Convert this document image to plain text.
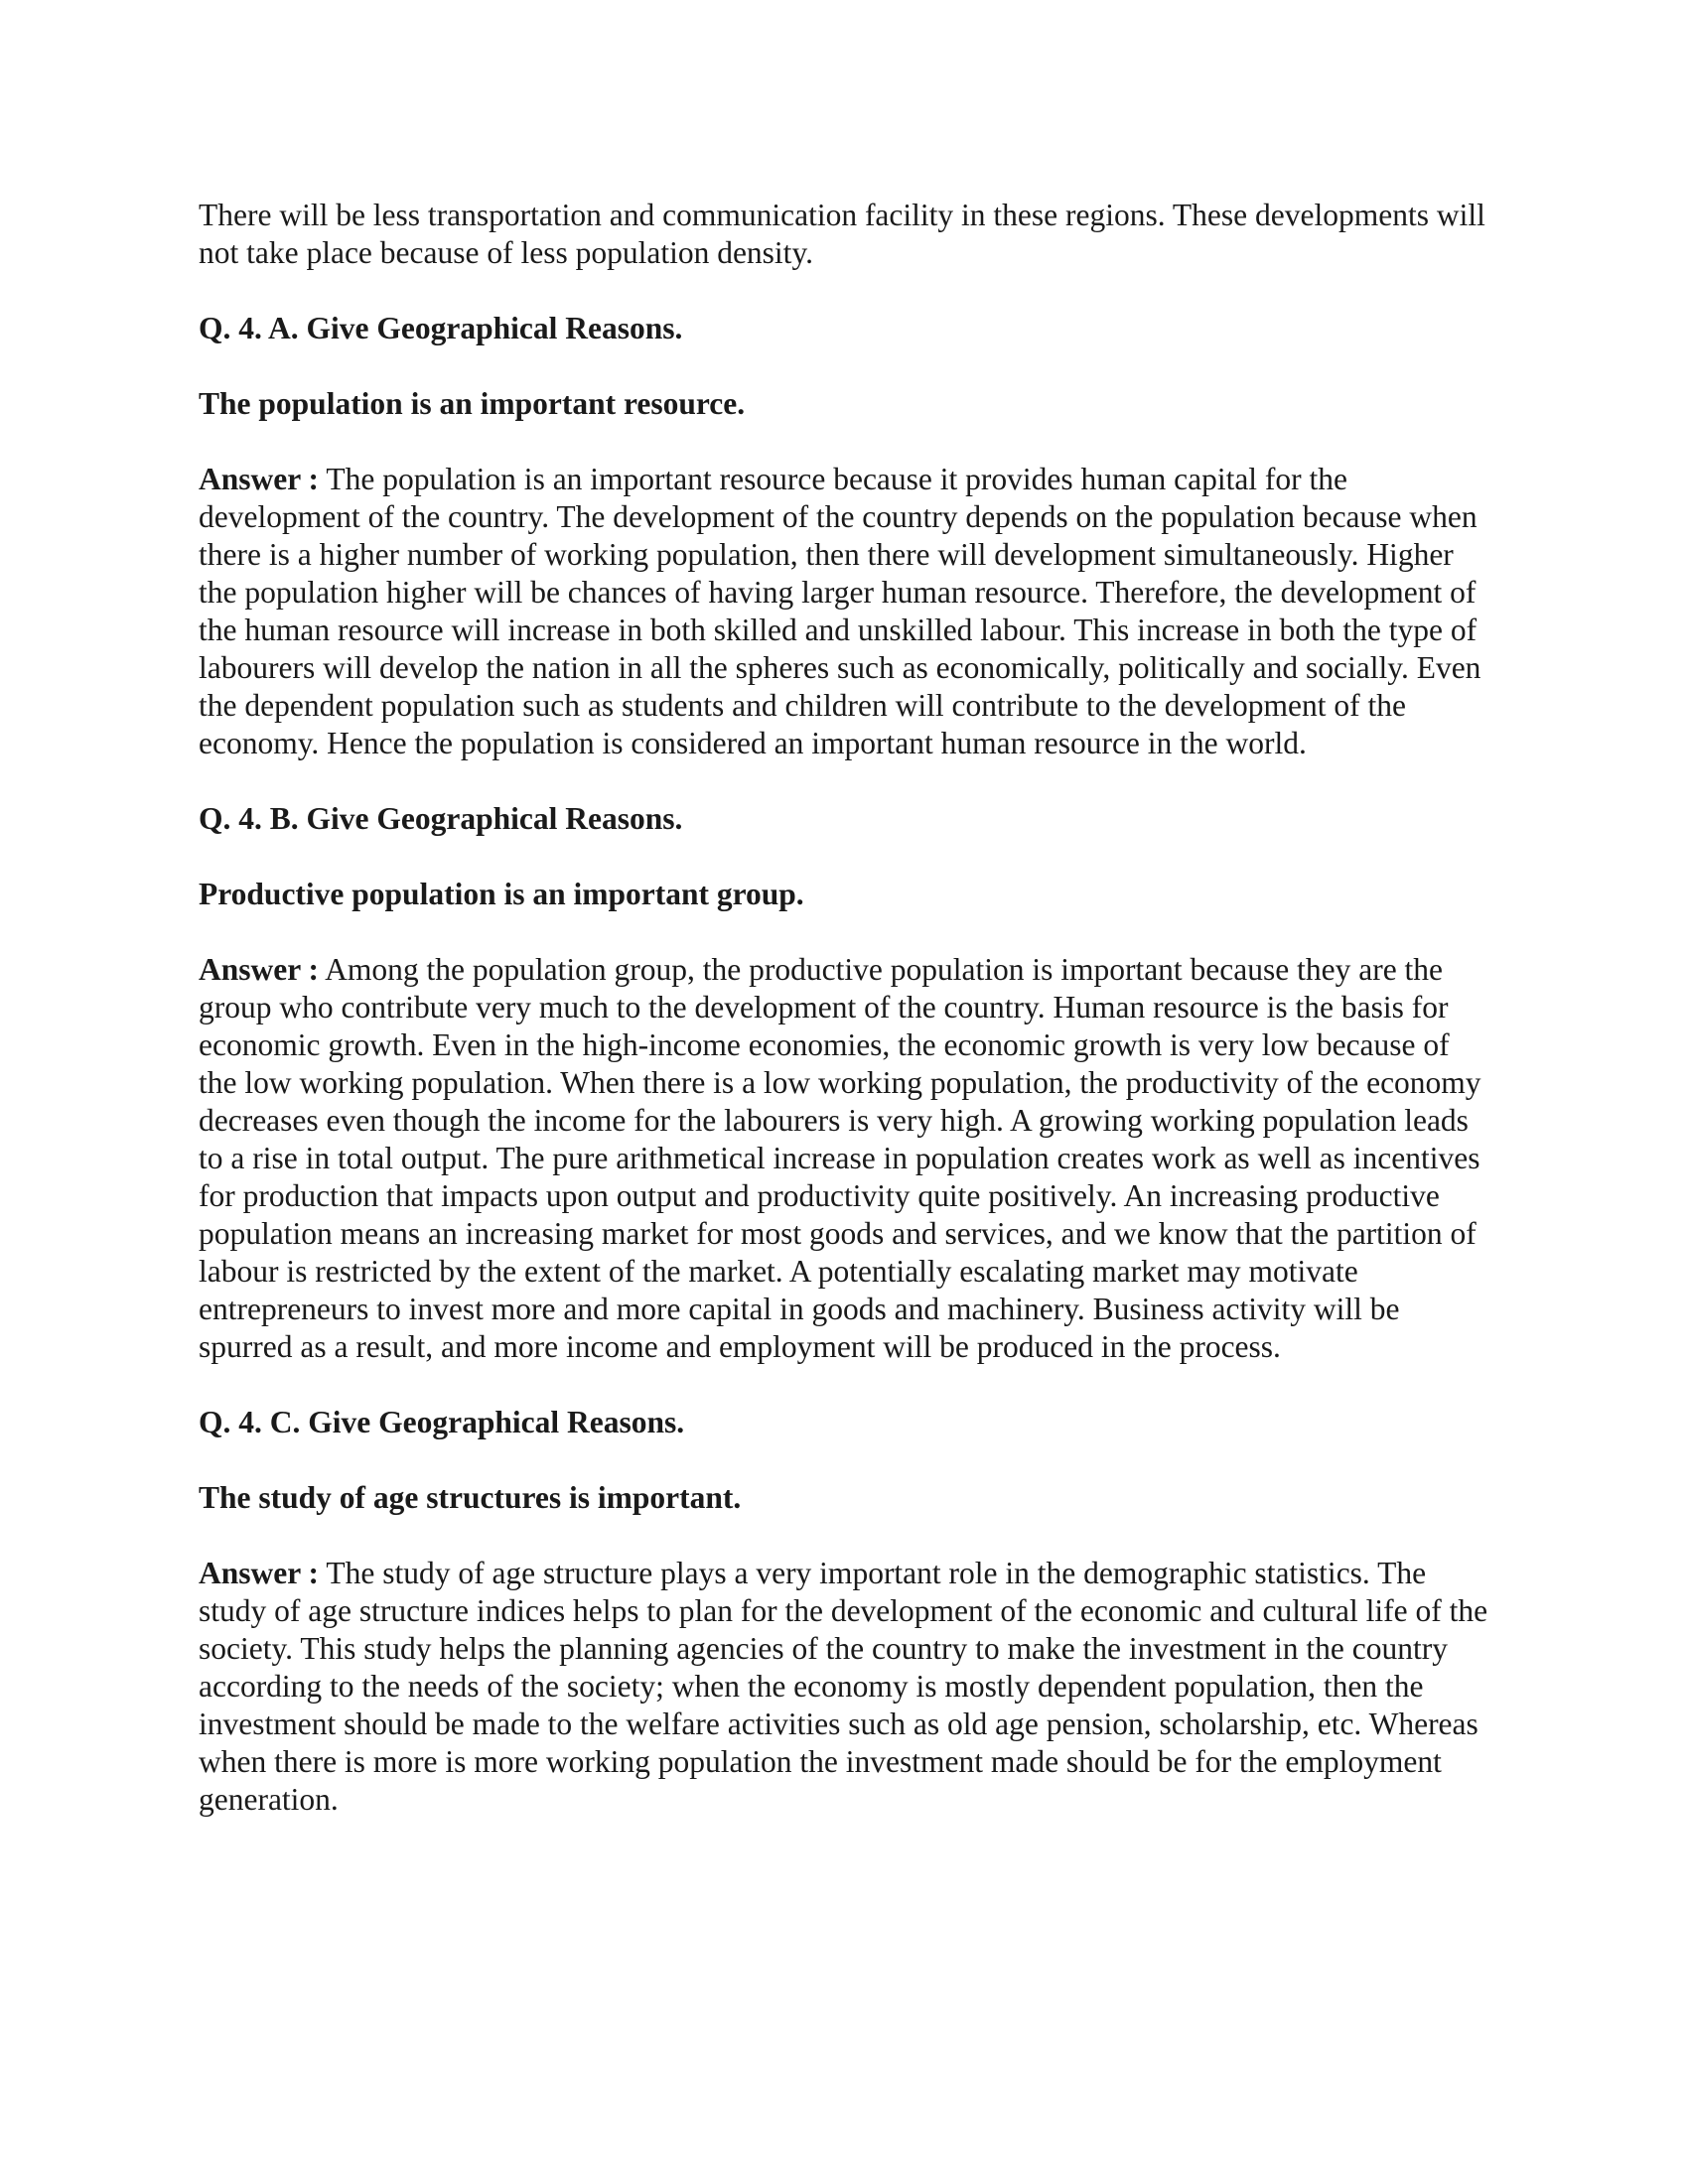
There will be less transportation and communication facility in these regions. These developments will not take place because of less population density.

Q. 4. A. Give Geographical Reasons.

The population is an important resource.

Answer : The population is an important resource because it provides human capital for the development of the country. The development of the country depends on the population because when there is a higher number of working population, then there will development simultaneously. Higher the population higher will be chances of having larger human resource. Therefore, the development of the human resource will increase in both skilled and unskilled labour. This increase in both the type of labourers will develop the nation in all the spheres such as economically, politically and socially. Even the dependent population such as students and children will contribute to the development of the economy. Hence the population is considered an important human resource in the world.

Q. 4. B. Give Geographical Reasons.

Productive population is an important group.

Answer : Among the population group, the productive population is important because they are the group who contribute very much to the development of the country. Human resource is the basis for economic growth. Even in the high-income economies, the economic growth is very low because of the low working population. When there is a low working population, the productivity of the economy decreases even though the income for the labourers is very high. A growing working population leads to a rise in total output. The pure arithmetical increase in population creates work as well as incentives for production that impacts upon output and productivity quite positively. An increasing productive population means an increasing market for most goods and services, and we know that the partition of labour is restricted by the extent of the market. A potentially escalating market may motivate entrepreneurs to invest more and more capital in goods and machinery. Business activity will be spurred as a result, and more income and employment will be produced in the process.

Q. 4. C. Give Geographical Reasons.

The study of age structures is important.

Answer : The study of age structure plays a very important role in the demographic statistics. The study of age structure indices helps to plan for the development of the economic and cultural life of the society. This study helps the planning agencies of the country to make the investment in the country according to the needs of the society; when the economy is mostly dependent population, then the investment should be made to the welfare activities such as old age pension, scholarship, etc. Whereas when there is more is more working population the investment made should be for the employment generation.
